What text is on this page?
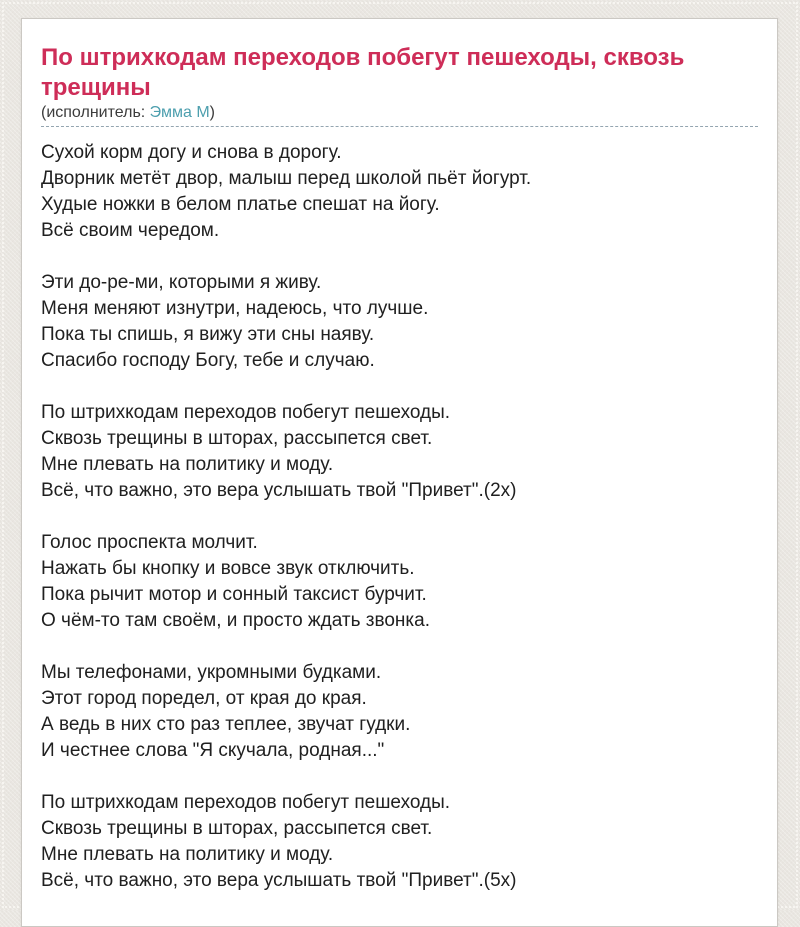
По штрихкодам переходов побегут пешеходы, сквозь трещины
(исполнитель: Эмма М)

Сухой корм догу и снова в дорогу.
Дворник метёт двор, малыш перед школой пьёт йогурт.
Худые ножки в белом платье спешат на йогу.
Всё своим чередом.

Эти до-ре-ми, которыми я живу.
Меня меняют изнутри, надеюсь, что лучше.
Пока ты спишь, я вижу эти сны наяву.
Спасибо господу Богу, тебе и случаю.

По штрихкодам переходов побегут пешеходы.
Сквозь трещины в шторах, рассыпется свет.
Мне плевать на политику и моду.
Всё, что важно, это вера услышать твой "Привет".(2x)

Голос проспекта молчит.
Нажать бы кнопку и вовсе звук отключить.
Пока рычит мотор и сонный таксист бурчит.
О чём-то там своём, и просто ждать звонка.

Мы телефонами, укромными будками.
Этот город поредел, от края до края.
А ведь в них сто раз теплее, звучат гудки.
И честнее слова "Я скучала, родная..."

По штрихкодам переходов побегут пешеходы.
Сквозь трещины в шторах, рассыпется свет.
Мне плевать на политику и моду.
Всё, что важно, это вера услышать твой "Привет".(5x)
